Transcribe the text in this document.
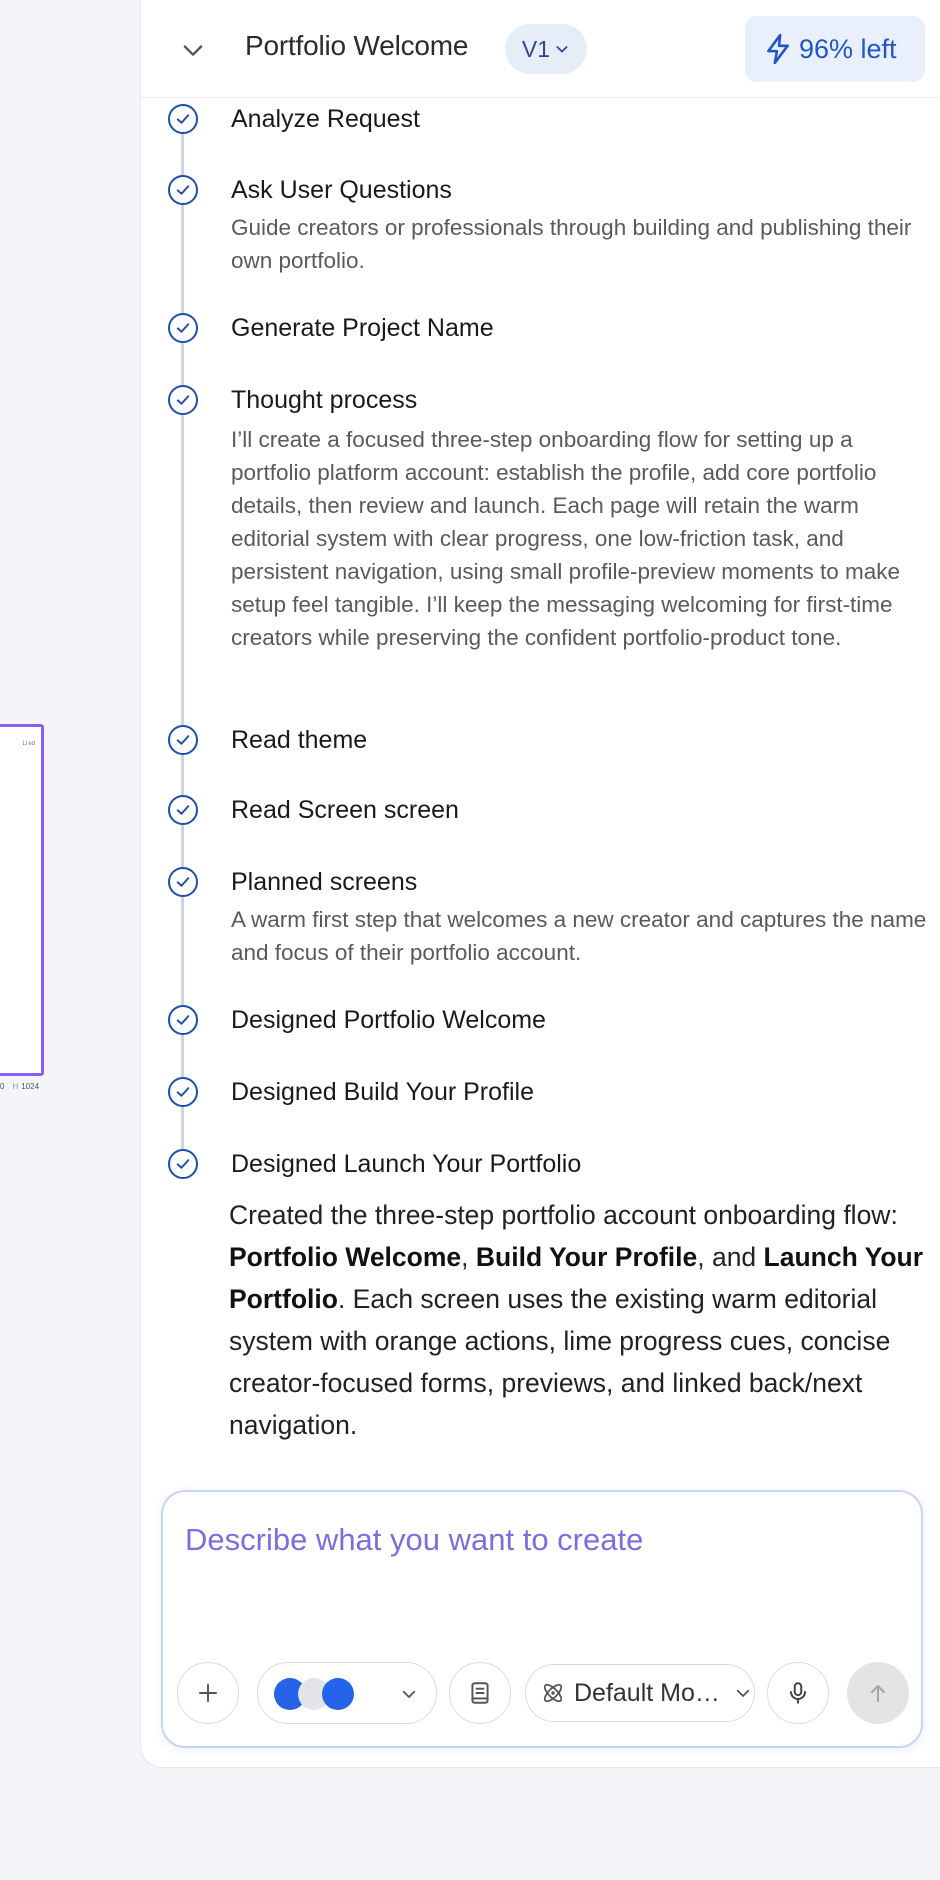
Ll ed
0 H 1024
Portfolio Welcome V1	96% left
Analyze Request
Ask User Questions
Guide creators or professionals through building and publishing their own portfolio.
Generate Project Name
Thought process
I’ll create a focused three-step onboarding flow for setting up a portfolio platform account: establish the profile, add core portfolio details, then review and launch. Each page will retain the warm editorial system with clear progress, one low-friction task, and persistent navigation, using small profile-preview moments to make setup feel tangible. I’ll keep the messaging welcoming for first-time creators while preserving the confident portfolio-product tone.
Read theme
Read Screen screen
Planned screens
A warm first step that welcomes a new creator and captures the name and focus of their portfolio account.
Designed Portfolio Welcome
Designed Build Your Profile
Designed Launch Your Portfolio
Created the three-step portfolio account onboarding flow: Portfolio Welcome, Build Your Profile, and Launch Your Portfolio. Each screen uses the existing warm editorial system with orange actions, lime progress cues, concise creator-focused forms, previews, and linked back/next navigation.
Describe what you want to create
Default Mo…
